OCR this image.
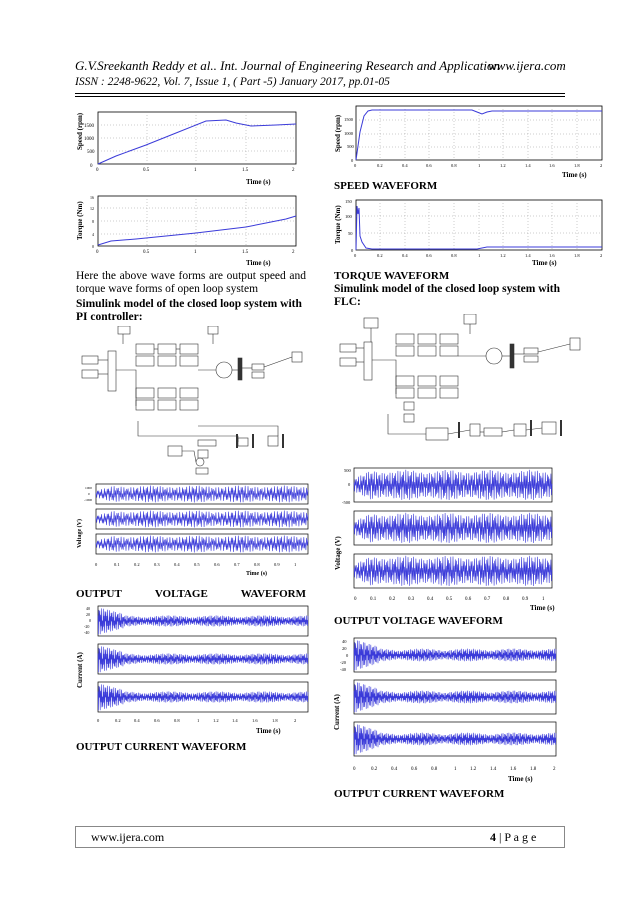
G.V.Sreekanth Reddy et al.. Int. Journal of Engineering Research and Application
www.ijera.com
ISSN : 2248-9622, Vol. 7, Issue 1, ( Part -5) January 2017, pp.01-05
Speed (rpm)
0
500
1000
1500
0	0.5	1	1.5	2
Time (s)
Torque (Nm)
0
4
8
12
16
0	0.5	1	1.5	2
Time (s)
Here the above wave forms are output speed and torque wave forms of open loop system
Simulink model of the closed loop system with PI controller:
Voltage (V)
1000
0
-1000
0	0.1	0.2	0.3	0.4	0.5	0.6	0.7	0.8	0.9	1
Time (s)
OUTPUT	VOLTAGE	WAVEFORM
Current (A)
40
20
0
-20
-40
0	0.2	0.4	0.6	0.8	1	1.2	1.4	1.6	1.8	2
Time (s)
OUTPUT CURRENT WAVEFORM
Speed (rpm)
0
500
1000
1500
0	0.2	0.4	0.6	0.8	1	1.2	1.4	1.6	1.8	2
Time (s)
SPEED WAVEFORM
Torque (Nm)
0
50
100
150
0	0.2	0.4	0.6	0.8	1	1.2	1.4	1.6	1.8	2
Time (s)
TORQUE WAVEFORM
Simulink model of the closed loop system with FLC:
Voltage (V)
500
0
-500
0	0.1	0.2	0.3	0.4	0.5	0.6	0.7	0.8	0.9	1
Time (s)
OUTPUT VOLTAGE WAVEFORM
Current (A)
40
20
0
-20
-40
0	0.2	0.4	0.6	0.8	1	1.2	1.4	1.6	1.8	2
Time (s)
OUTPUT CURRENT WAVEFORM
www.ijera.com	4 | P a g e
